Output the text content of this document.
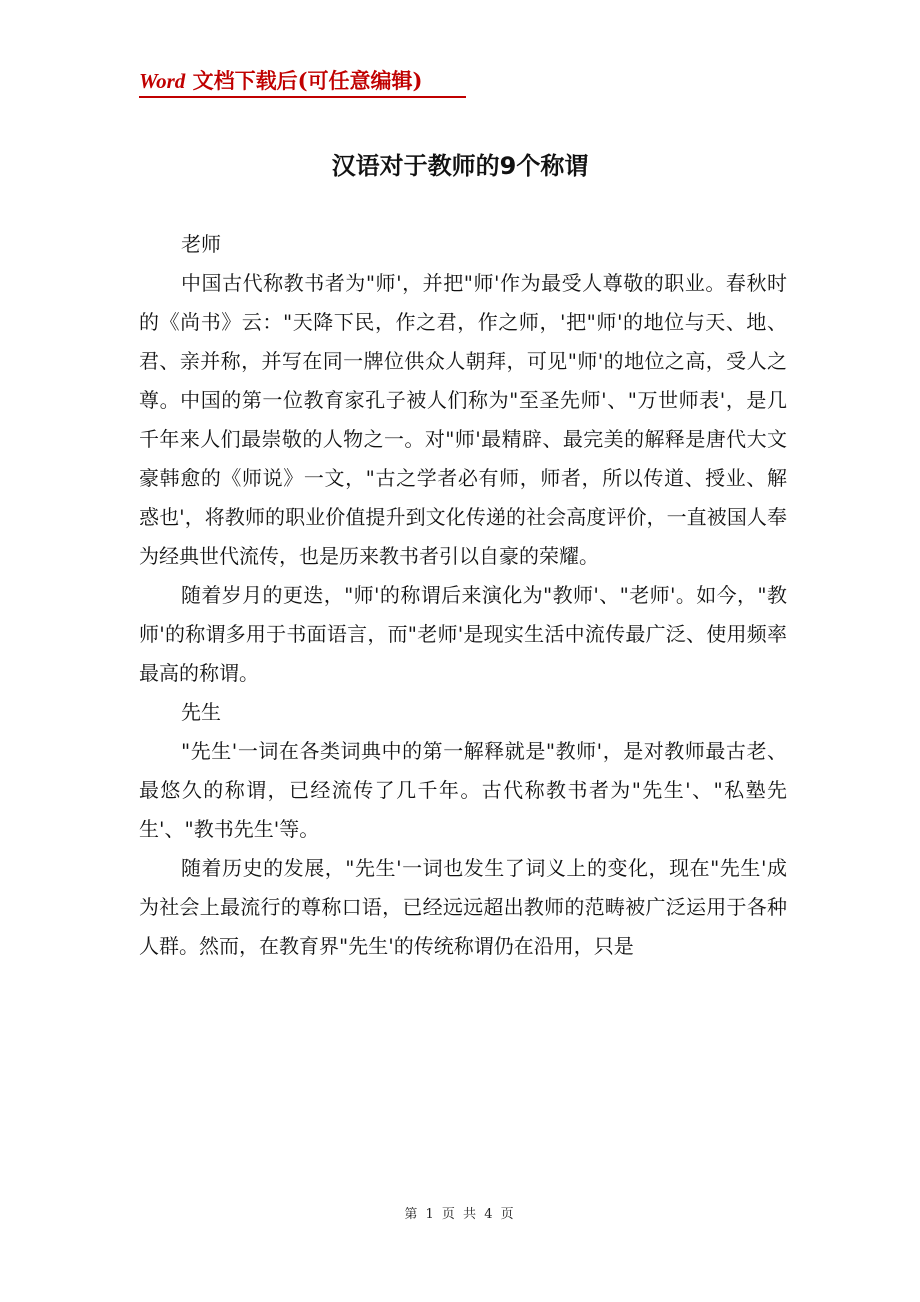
Word 文档下载后(可任意编辑)
汉语对于教师的9个称谓

老师

中国古代称教书者为"师'，并把"师'作为最受人尊敬的职业。春秋时的《尚书》云："天降下民，作之君，作之师，'把"师'的地位与天、地、君、亲并称，并写在同一牌位供众人朝拜，可见"师'的地位之高，受人之尊。中国的第一位教育家孔子被人们称为"至圣先师'、"万世师表'，是几千年来人们最崇敬的人物之一。对"师'最精辟、最完美的解释是唐代大文豪韩愈的《师说》一文，"古之学者必有师，师者，所以传道、授业、解惑也'，将教师的职业价值提升到文化传递的社会高度评价，一直被国人奉为经典世代流传，也是历来教书者引以自豪的荣耀。

随着岁月的更迭，"师'的称谓后来演化为"教师'、"老师'。如今，"教师'的称谓多用于书面语言，而"老师'是现实生活中流传最广泛、使用频率最高的称谓。

先生

"先生'一词在各类词典中的第一解释就是"教师'，是对教师最古老、最悠久的称谓，已经流传了几千年。古代称教书者为"先生'、"私塾先生'、"教书先生'等。

随着历史的发展，"先生'一词也发生了词义上的变化，现在"先生'成为社会上最流行的尊称口语，已经远远超出教师的范畴被广泛运用于各种人群。然而，在教育界"先生'的传统称谓仍在沿用，只是

第 1 页 共 4 页
